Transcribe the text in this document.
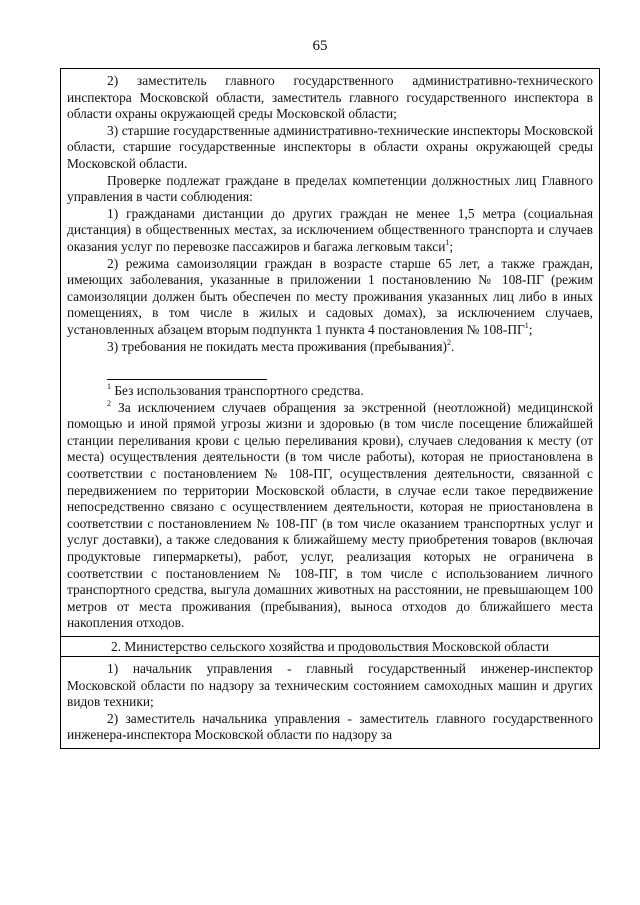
65

2) заместитель главного государственного административно-технического инспектора Московской области, заместитель главного государственного инспектора в области охраны окружающей среды Московской области;

3) старшие государственные административно-технические инспекторы Московской области, старшие государственные инспекторы в области охраны окружающей среды Московской области.

Проверке подлежат граждане в пределах компетенции должностных лиц Главного управления в части соблюдения:

1) гражданами дистанции до других граждан не менее 1,5 метра (социальная дистанция) в общественных местах, за исключением общественного транспорта и случаев оказания услуг по перевозке пассажиров и багажа легковым такси$^1$;

2) режима самоизоляции граждан в возрасте старше 65 лет, а также граждан, имеющих заболевания, указанные в приложении 1 постановлению № 108-ПГ (режим самоизоляции должен быть обеспечен по месту проживания указанных лиц либо в иных помещениях, в том числе в жилых и садовых домах), за исключением случаев, установленных абзацем вторым подпункта 1 пункта 4 постановления № $108-ПГ^1$;

3) требования не покидать места проживания (пребывания)$^2$.

$^1$ Без использования транспортного средства.

$^2$ За исключением случаев обращения за экстренной (неотложной) медицинской помощью и иной прямой угрозы жизни и здоровью (в том числе посещение ближайшей станции переливания крови с целью переливания крови), случаев следования к месту (от места) осуществления деятельности (в том числе работы), которая не приостановлена в соответствии с постановлением № 108-ПГ, осуществления деятельности, связанной с передвижением по территории Московской области, в случае если такое передвижение непосредственно связано с осуществлением деятельности, которая не приостановлена в соответствии с постановлением № 108-ПГ (в том числе оказанием транспортных услуг и услуг доставки), а также следования к ближайшему месту приобретения товаров (включая продуктовые гипермаркеты), работ, услуг, реализация которых не ограничена в соответствии с постановлением № 108-ПГ, в том числе с использованием личного транспортного средства, выгула домашних животных на расстоянии, не превышающем 100 метров от места проживания (пребывания), выноса отходов до ближайшего места накопления отходов.

2. Министерство сельского хозяйства и продовольствия Московской области

1) начальник управления - главный государственный инженер-инспектор Московской области по надзору за техническим состоянием самоходных машин и других видов техники;

2) заместитель начальника управления - заместитель главного государственного инженера-инспектора Московской области по надзору за
